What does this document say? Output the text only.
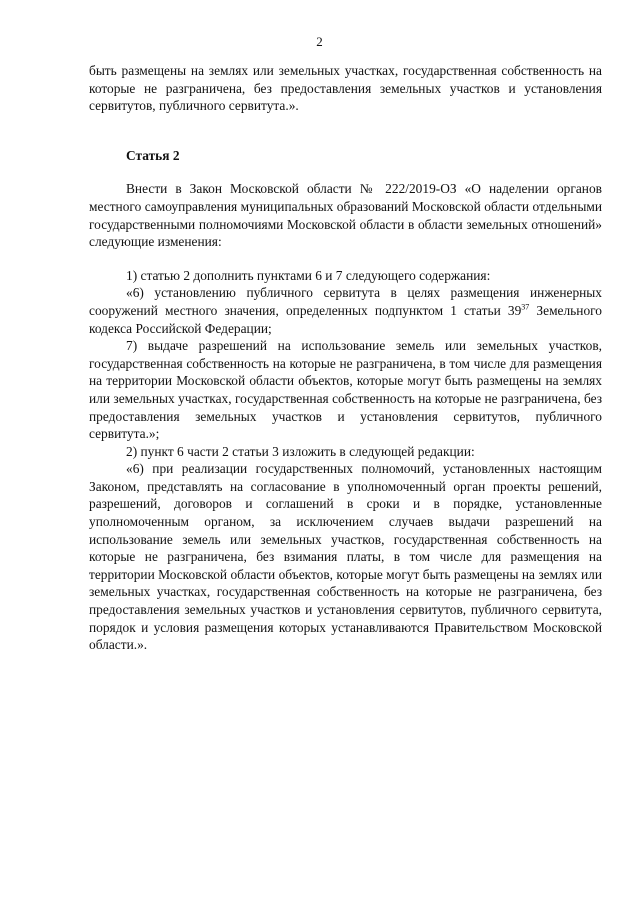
2

быть размещены на землях или земельных участках, государственная собственность на которые не разграничена, без предоставления земельных участков и установления сервитутов, публичного сервитута.».

Статья 2

Внести в Закон Московской области № 222/2019-ОЗ «О наделении органов местного самоуправления муниципальных образований Московской области отдельными государственными полномочиями Московской области в области земельных отношений» следующие изменения:

1) статью 2 дополнить пунктами 6 и 7 следующего содержания:

«6) установлению публичного сервитута в целях размещения инженерных сооружений местного значения, определенных подпунктом 1 статьи $39^{37}$ Земельного кодекса Российской Федерации;

7) выдаче разрешений на использование земель или земельных участков, государственная собственность на которые не разграничена, в том числе для размещения на территории Московской области объектов, которые могут быть размещены на землях или земельных участках, государственная собственность на которые не разграничена, без предоставления земельных участков и установления сервитутов, публичного сервитута.»;

2) пункт 6 части 2 статьи 3 изложить в следующей редакции:

«6) при реализации государственных полномочий, установленных настоящим Законом, представлять на согласование в уполномоченный орган проекты решений, разрешений, договоров и соглашений в сроки и в порядке, установленные уполномоченным органом, за исключением случаев выдачи разрешений на использование земель или земельных участков, государственная собственность на которые не разграничена, без взимания платы, в том числе для размещения на территории Московской области объектов, которые могут быть размещены на землях или земельных участках, государственная собственность на которые не разграничена, без предоставления земельных участков и установления сервитутов, публичного сервитута, порядок и условия размещения которых устанавливаются Правительством Московской области.».
